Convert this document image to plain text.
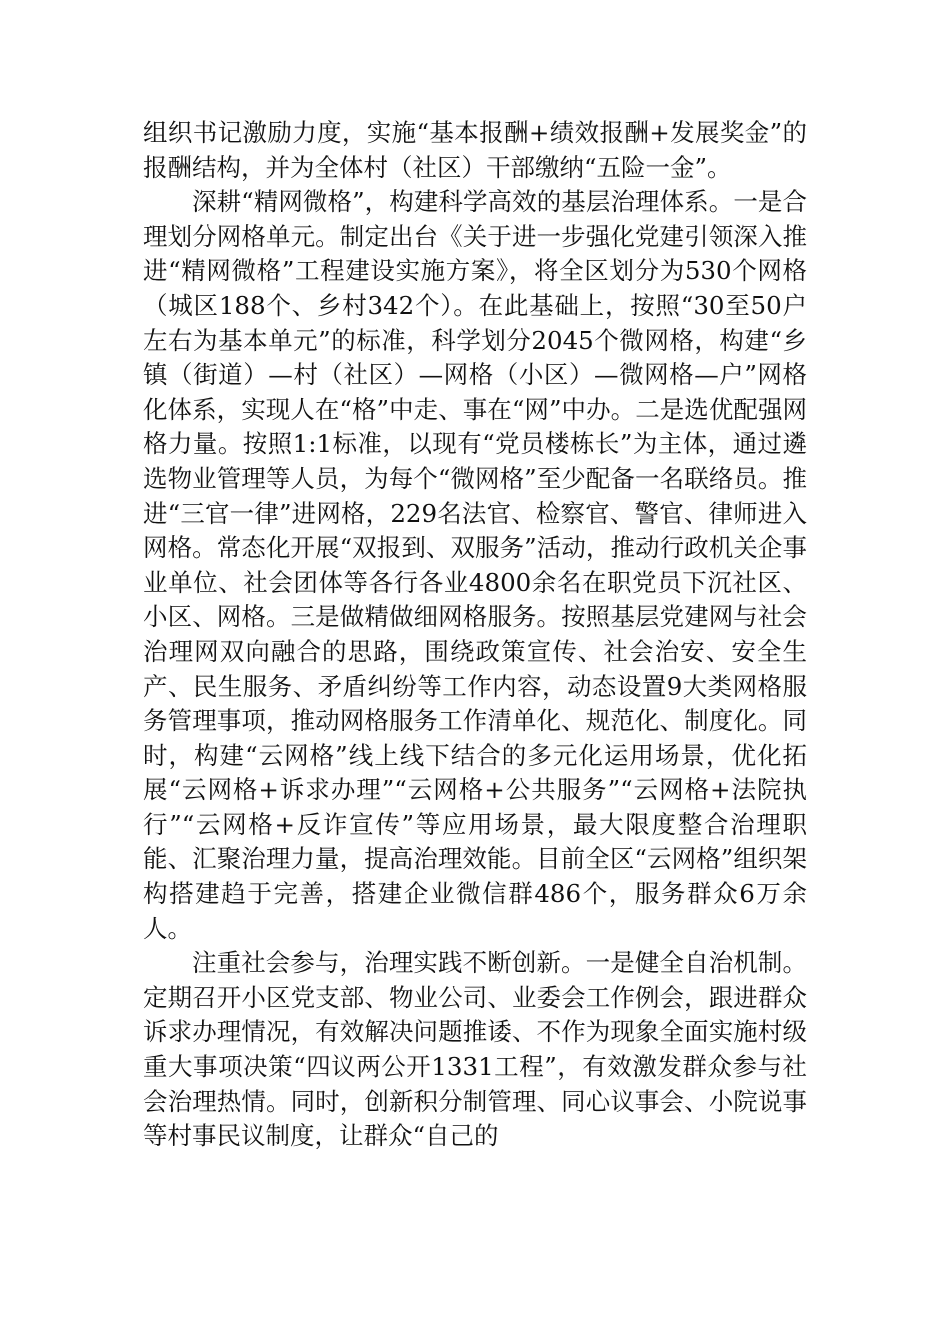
组织书记激励力度，实施“基本报酬+绩效报酬+发展奖金”的报酬结构，并为全体村（社区）干部缴纳“五险一金”。

深耕“精网微格”，构建科学高效的基层治理体系。一是合理划分网格单元。制定出台《关于进一步强化党建引领深入推进“精网微格”工程建设实施方案》，将全区划分为530个网格（城区188个、乡村342个）。在此基础上，按照“30至50户左右为基本单元”的标准，科学划分2045个微网格，构建“乡镇（街道）—村（社区）—网格（小区）—微网格—户”网格化体系，实现人在“格”中走、事在“网”中办。二是选优配强网格力量。按照1:1标准，以现有“党员楼栋长”为主体，通过遴选物业管理等人员，为每个“微网格”至少配备一名联络员。推进“三官一律”进网格，229名法官、检察官、警官、律师进入网格。常态化开展“双报到、双服务”活动，推动行政机关企事业单位、社会团体等各行各业4800余名在职党员下沉社区、小区、网格。三是做精做细网格服务。按照基层党建网与社会治理网双向融合的思路，围绕政策宣传、社会治安、安全生产、民生服务、矛盾纠纷等工作内容，动态设置9大类网格服务管理事项，推动网格服务工作清单化、规范化、制度化。同时，构建“云网格”线上线下结合的多元化运用场景，优化拓展“云网格+诉求办理”“云网格+公共服务”“云网格+法院执行”“云网格+反诈宣传”等应用场景，最大限度整合治理职能、汇聚治理力量，提高治理效能。目前全区“云网格”组织架构搭建趋于完善，搭建企业微信群486个，服务群众6万余人。

注重社会参与，治理实践不断创新。一是健全自治机制。定期召开小区党支部、物业公司、业委会工作例会，跟进群众诉求办理情况，有效解决问题推诿、不作为现象全面实施村级重大事项决策“四议两公开1331工程”，有效激发群众参与社会治理热情。同时，创新积分制管理、同心议事会、小院说事等村事民议制度，让群众“自己的
